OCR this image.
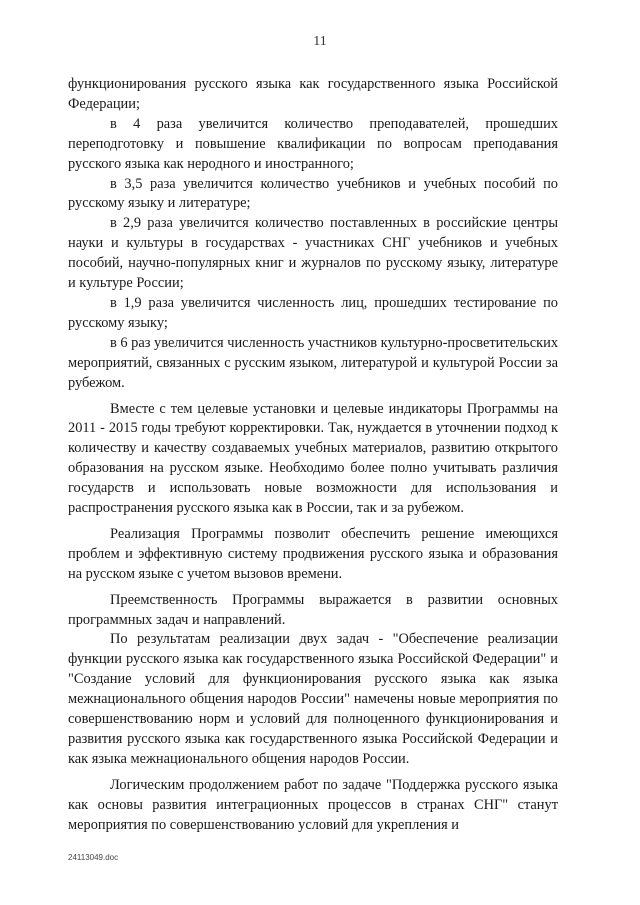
11

функционирования русского языка как государственного языка Российской Федерации;

в 4 раза увеличится количество преподавателей, прошедших переподготовку и повышение квалификации по вопросам преподавания русского языка как неродного и иностранного;

в 3,5 раза увеличится количество учебников и учебных пособий по русскому языку и литературе;

в 2,9 раза увеличится количество поставленных в российские центры науки и культуры в государствах - участниках СНГ учебников и учебных пособий, научно-популярных книг и журналов по русскому языку, литературе и культуре России;

в 1,9 раза увеличится численность лиц, прошедших тестирование по русскому языку;

в 6 раз увеличится численность участников культурно-просветительских мероприятий, связанных с русским языком, литературой и культурой России за рубежом.

Вместе с тем целевые установки и целевые индикаторы Программы на 2011 - 2015 годы требуют корректировки. Так, нуждается в уточнении подход к количеству и качеству создаваемых учебных материалов, развитию открытого образования на русском языке. Необходимо более полно учитывать различия государств и использовать новые возможности для использования и распространения русского языка как в России, так и за рубежом.

Реализация Программы позволит обеспечить решение имеющихся проблем и эффективную систему продвижения русского языка и образования на русском языке с учетом вызовов времени.

Преемственность Программы выражается в развитии основных программных задач и направлений.

По результатам реализации двух задач - "Обеспечение реализации функции русского языка как государственного языка Российской Федерации" и "Создание условий для функционирования русского языка как языка межнационального общения народов России" намечены новые мероприятия по совершенствованию норм и условий для полноценного функционирования и развития русского языка как государственного языка Российской Федерации и как языка межнационального общения народов России.

Логическим продолжением работ по задаче "Поддержка русского языка как основы развития интеграционных процессов в странах СНГ" станут мероприятия по совершенствованию условий для укрепления и

24113049.doc
